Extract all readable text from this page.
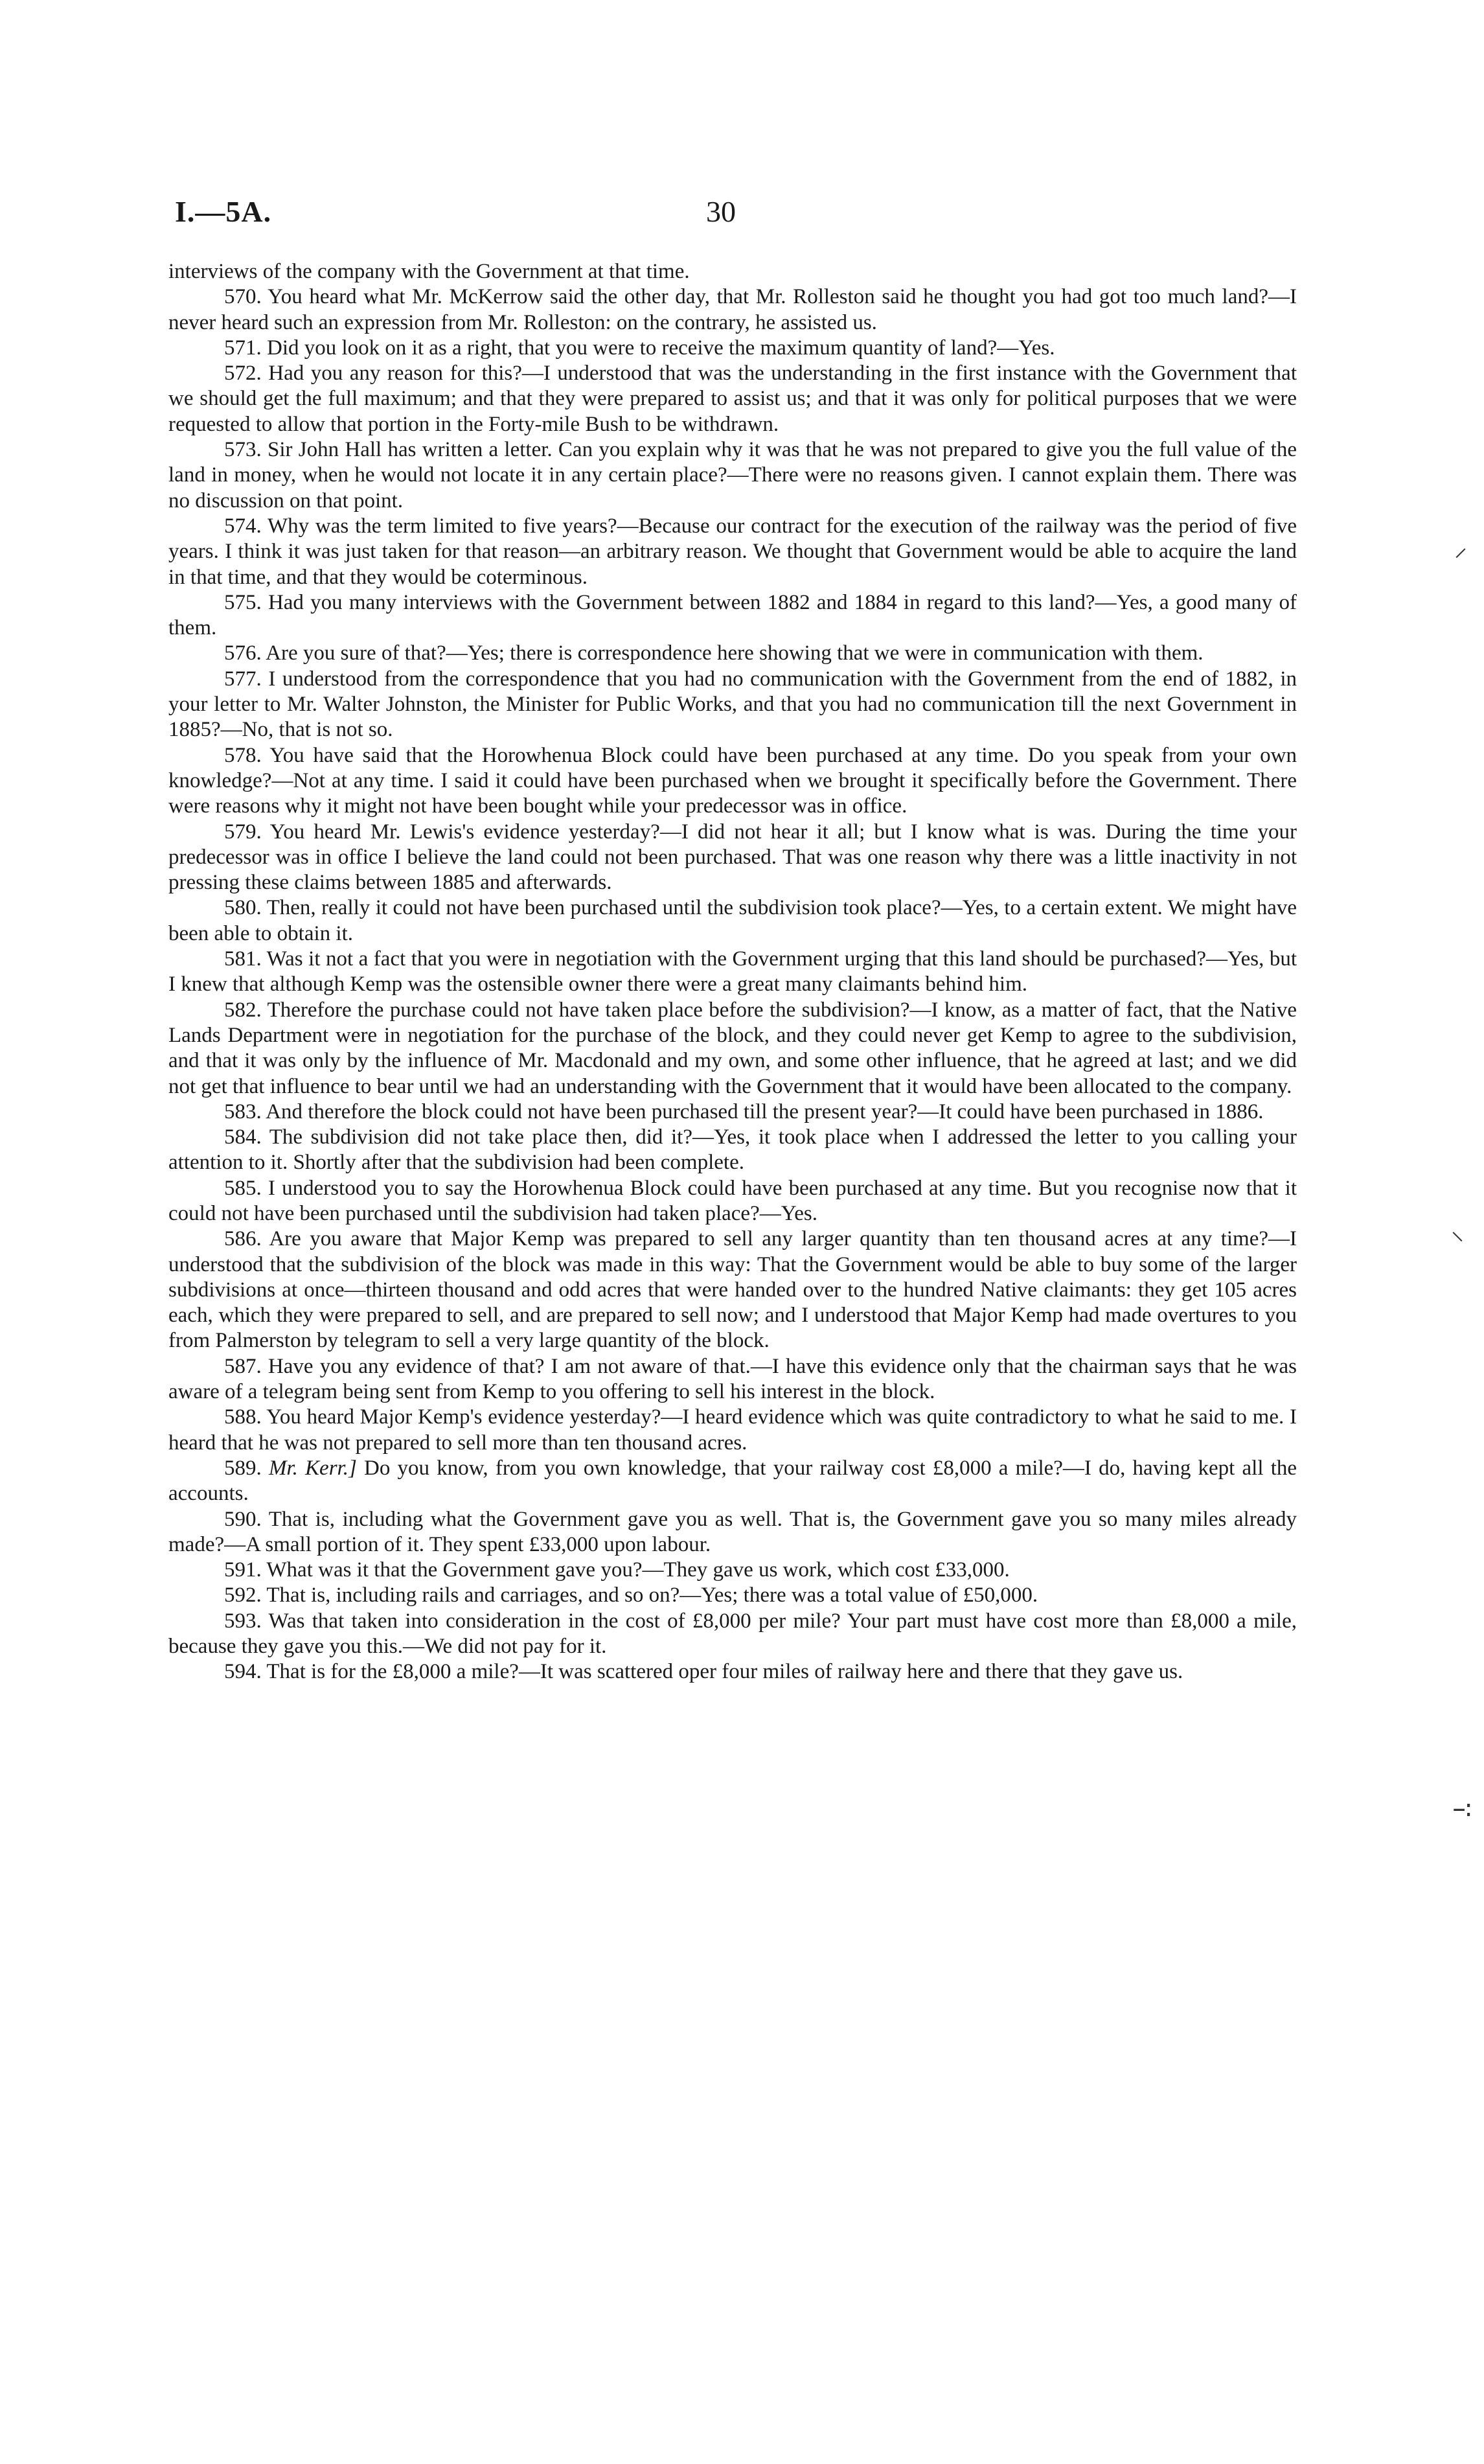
I.—5A.	30

interviews of the company with the Government at that time.

570. You heard what Mr. McKerrow said the other day, that Mr. Rolleston said he thought you had got too much land?—I never heard such an expression from Mr. Rolleston: on the contrary, he assisted us.

571. Did you look on it as a right, that you were to receive the maximum quantity of land?—Yes.

572. Had you any reason for this?—I understood that was the understanding in the first instance with the Government that we should get the full maximum; and that they were prepared to assist us; and that it was only for political purposes that we were requested to allow that portion in the Forty-mile Bush to be withdrawn.

573. Sir John Hall has written a letter. Can you explain why it was that he was not prepared to give you the full value of the land in money, when he would not locate it in any certain place?—There were no reasons given. I cannot explain them. There was no discussion on that point.

574. Why was the term limited to five years?—Because our contract for the execution of the railway was the period of five years. I think it was just taken for that reason—an arbitrary reason. We thought that Government would be able to acquire the land in that time, and that they would be coterminous.

575. Had you many interviews with the Government between 1882 and 1884 in regard to this land?—Yes, a good many of them.

576. Are you sure of that?—Yes; there is correspondence here showing that we were in communication with them.

577. I understood from the correspondence that you had no communication with the Government from the end of 1882, in your letter to Mr. Walter Johnston, the Minister for Public Works, and that you had no communication till the next Government in 1885?—No, that is not so.

578. You have said that the Horowhenua Block could have been purchased at any time. Do you speak from your own knowledge?—Not at any time. I said it could have been purchased when we brought it specifically before the Government. There were reasons why it might not have been bought while your predecessor was in office.

579. You heard Mr. Lewis's evidence yesterday?—I did not hear it all; but I know what is was. During the time your predecessor was in office I believe the land could not been purchased. That was one reason why there was a little inactivity in not pressing these claims between 1885 and afterwards.

580. Then, really it could not have been purchased until the subdivision took place?—Yes, to a certain extent. We might have been able to obtain it.

581. Was it not a fact that you were in negotiation with the Government urging that this land should be purchased?—Yes, but I knew that although Kemp was the ostensible owner there were a great many claimants behind him.

582. Therefore the purchase could not have taken place before the subdivision?—I know, as a matter of fact, that the Native Lands Department were in negotiation for the purchase of the block, and they could never get Kemp to agree to the subdivision, and that it was only by the influence of Mr. Macdonald and my own, and some other influence, that he agreed at last; and we did not get that influence to bear until we had an understanding with the Government that it would have been allocated to the company.

583. And therefore the block could not have been purchased till the present year?—It could have been purchased in 1886.

584. The subdivision did not take place then, did it?—Yes, it took place when I addressed the letter to you calling your attention to it. Shortly after that the subdivision had been complete.

585. I understood you to say the Horowhenua Block could have been purchased at any time. But you recognise now that it could not have been purchased until the subdivision had taken place?—Yes.

586. Are you aware that Major Kemp was prepared to sell any larger quantity than ten thousand acres at any time?—I understood that the subdivision of the block was made in this way: That the Government would be able to buy some of the larger subdivisions at once—thirteen thousand and odd acres that were handed over to the hundred Native claimants: they get 105 acres each, which they were prepared to sell, and are prepared to sell now; and I understood that Major Kemp had made overtures to you from Palmerston by telegram to sell a very large quantity of the block.

587. Have you any evidence of that? I am not aware of that.—I have this evidence only that the chairman says that he was aware of a telegram being sent from Kemp to you offering to sell his interest in the block.

588. You heard Major Kemp's evidence yesterday?—I heard evidence which was quite contradictory to what he said to me. I heard that he was not prepared to sell more than ten thousand acres.

589. Mr. Kerr.] Do you know, from you own knowledge, that your railway cost £8,000 a mile?—I do, having kept all the accounts.

590. That is, including what the Government gave you as well. That is, the Government gave you so many miles already made?—A small portion of it. They spent £33,000 upon labour.

591. What was it that the Government gave you?—They gave us work, which cost £33,000.

592. That is, including rails and carriages, and so on?—Yes; there was a total value of £50,000.

593. Was that taken into consideration in the cost of £8,000 per mile? Your part must have cost more than £8,000 a mile, because they gave you this.—We did not pay for it.

594. That is for the £8,000 a mile?—It was scattered oper four miles of railway here and there that they gave us.

⸝
⸜
∹
